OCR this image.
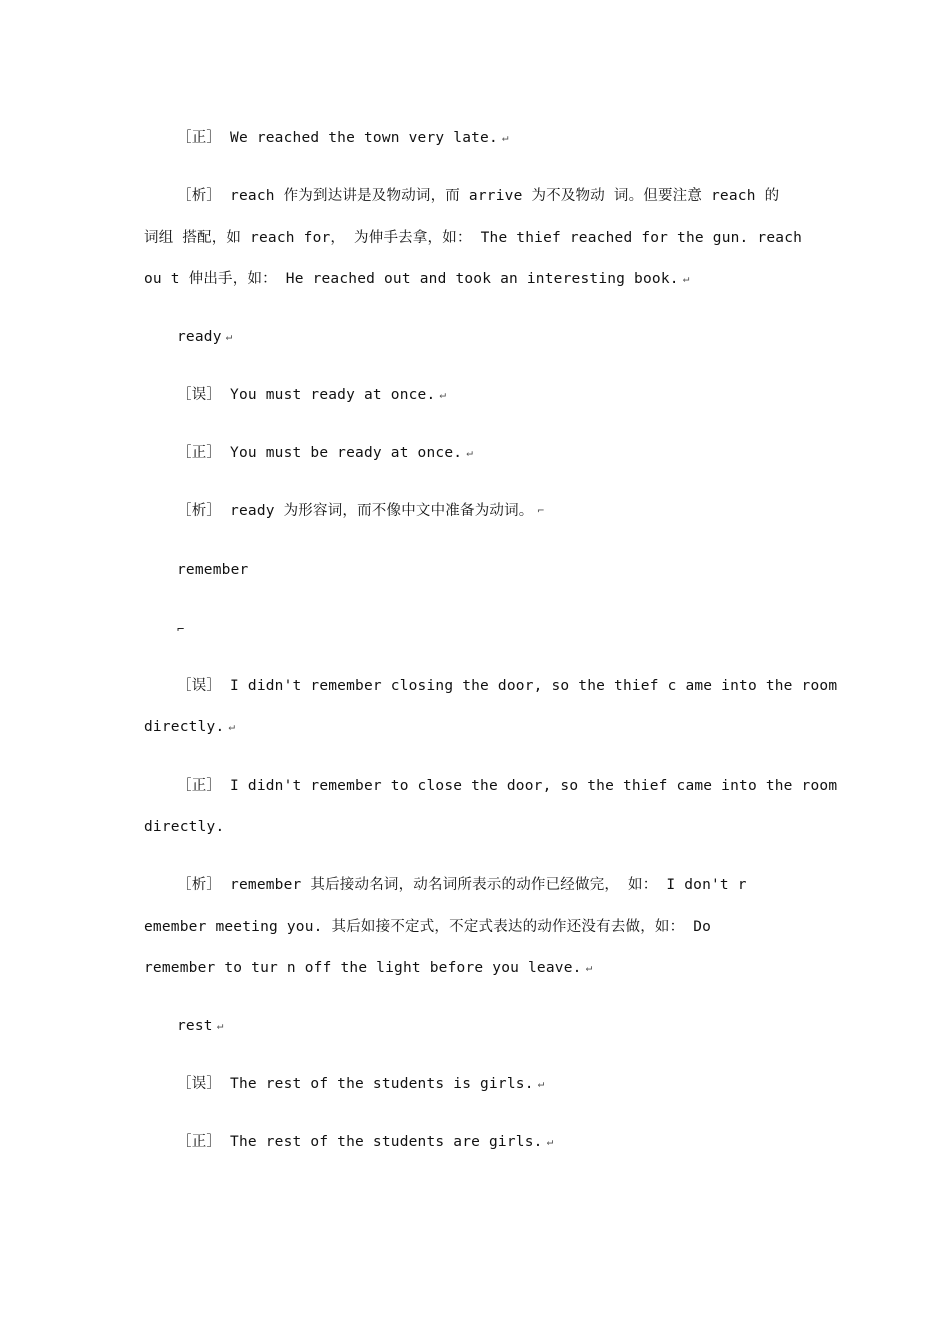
［正］ We reached the town very late. ↵
［析］ reach 作为到达讲是及物动词，而 arrive 为不及物动 词。但要注意 reach 的
词组 搭配，如 reach for， 为伸手去拿，如： The thief reached for the gun. reach
ou t 伸出手，如： He reached out and took an interesting book. ↵
ready ↵
［误］ You must ready at once. ↵
［正］ You must be ready at once. ↵
［析］ ready 为形容词，而不像中文中准备为动词。 ⌐
remember
⌐
［误］ I didn't remember closing the door, so the thief c ame into the room
directly. ↵
［正］ I didn't remember to close the door, so the thief came into the room
directly.
［析］ remember 其后接动名词，动名词所表示的动作已经做完， 如： I don't r
emember meeting you. 其后如接不定式，不定式表达的动作还没有去做，如： Do
remember to tur n off the light before you leave. ↵
rest ↵
［误］ The rest of the students is girls. ↵
［正］ The rest of the students are girls. ↵
